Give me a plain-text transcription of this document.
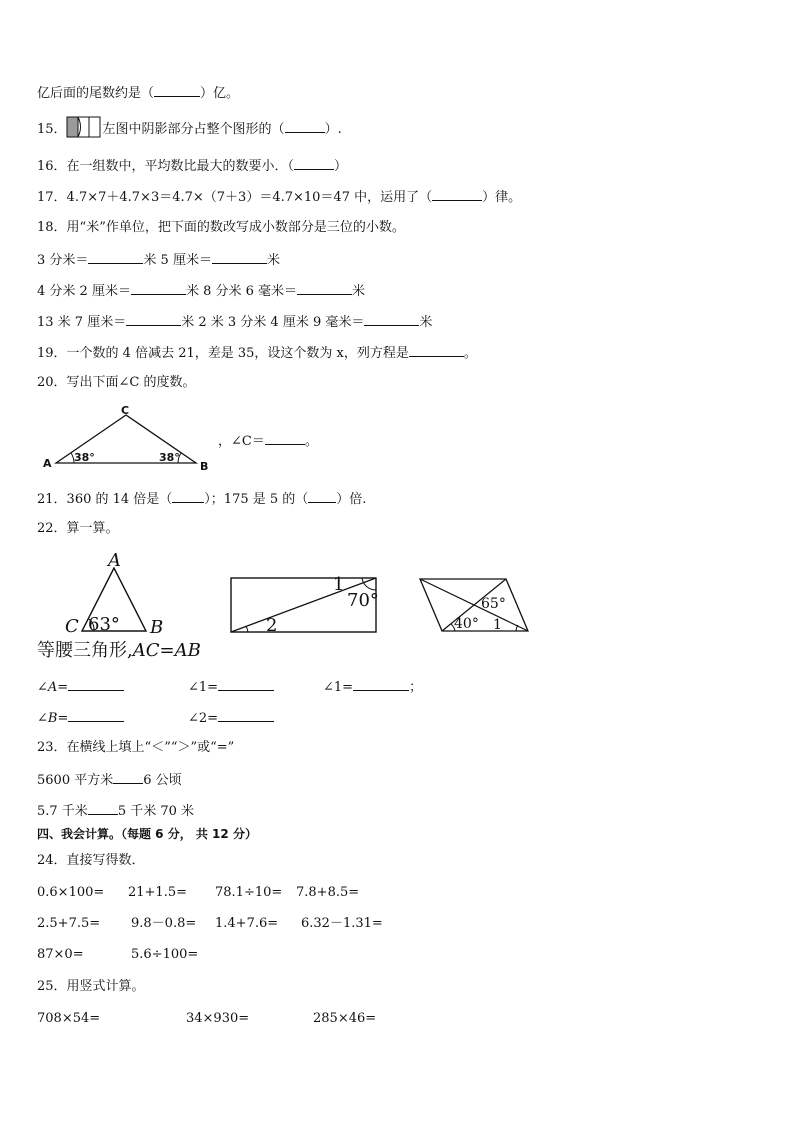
亿后面的尾数约是（	）亿。
15．	左图中阴影部分占整个图形的（	）.
16．在一组数中，平均数比最大的数要小．（	）
17．4.7×7＋4.7×3＝4.7×（7＋3）＝4.7×10＝47 中，运用了（	）律。
18．用“米”作单位，把下面的数改写成小数部分是三位的小数。
3 分米＝	米 5 厘米＝	米
4 分米 2 厘米＝	米 8 分米 6 毫米＝	米
13 米 7 厘米＝	米 2 米 3 分米 4 厘米 9 毫米＝	米
19．一个数的 4 倍减去 21，差是 35，设这个数为 x，列方程是	。
20．写出下面∠C 的度数。
C
A	B
38°	38°
，∠C＝	。
21．360 的 14 倍是（ ）；175 是 5 的（ ）倍.
22．算一算。
A
C	B
63°
1
70°
2
65°
40° 1
等腰三角形,AC=AB
∠A=	∠1=	∠1=	；
∠B=	∠2=
23．在横线上填上“＜”“＞”或“=”
5600 平方米 6 公顷
5.7 千米 5 千米 70 米
四、我会计算。（每题 6 分， 共 12 分）
24．直接写得数．
0.6×100= 21+1.5= 78.1÷10= 7.8+8.5=
2.5+7.5= 9.8－0.8= 1.4+7.6= 6.32－1.31=
87×0=	5.6÷100=
25．用竖式计算。
708×54=	34×930=	285×46=
